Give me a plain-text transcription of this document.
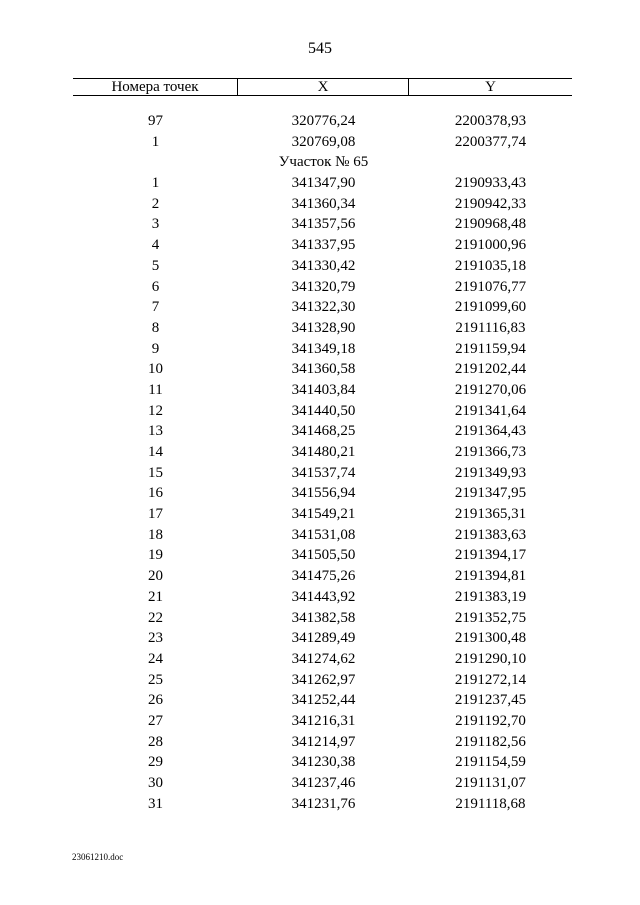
545
Номера точек	X	Y
97	320776,24	2200378,93
1	320769,08	2200377,74
Участок № 65
1	341347,90	2190933,43
2	341360,34	2190942,33
3	341357,56	2190968,48
4	341337,95	2191000,96
5	341330,42	2191035,18
6	341320,79	2191076,77
7	341322,30	2191099,60
8	341328,90	2191116,83
9	341349,18	2191159,94
10	341360,58	2191202,44
11	341403,84	2191270,06
12	341440,50	2191341,64
13	341468,25	2191364,43
14	341480,21	2191366,73
15	341537,74	2191349,93
16	341556,94	2191347,95
17	341549,21	2191365,31
18	341531,08	2191383,63
19	341505,50	2191394,17
20	341475,26	2191394,81
21	341443,92	2191383,19
22	341382,58	2191352,75
23	341289,49	2191300,48
24	341274,62	2191290,10
25	341262,97	2191272,14
26	341252,44	2191237,45
27	341216,31	2191192,70
28	341214,97	2191182,56
29	341230,38	2191154,59
30	341237,46	2191131,07
31	341231,76	2191118,68
23061210.doc
